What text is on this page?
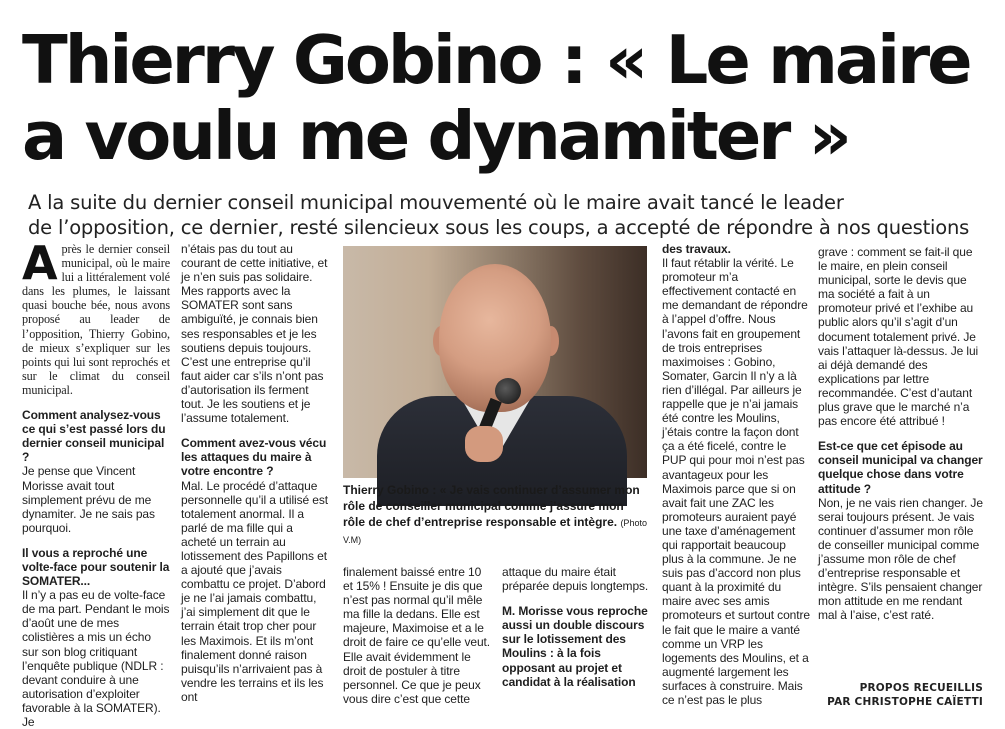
Thierry Gobino : « Le maire
a voulu me dynamiter »
A la suite du dernier conseil municipal mouvementé où le maire avait tancé le leader
de l’opposition, ce dernier, resté silencieux sous les coups, a accepté de répondre à nos questions

Après le dernier conseil municipal, où le maire lui a littéralement volé dans les plumes, le laissant quasi bouche bée, nous avons proposé au leader de l’opposition, Thierry Gobino, de mieux s’expliquer sur les points qui lui sont reprochés et sur le climat du conseil municipal.

Comment analysez-vous ce qui s’est passé lors du dernier conseil municipal ?

Je pense que Vincent Morisse avait tout simplement prévu de me dynamiter. Je ne sais pas pourquoi.

Il vous a reproché une volte-face pour soutenir la SOMATER...

Il n’y a pas eu de volte-face de ma part. Pendant le mois d’août une de mes colistières a mis un écho sur son blog critiquant l’enquête publique (NDLR : devant conduire à une autorisation d’exploiter favorable à la SOMATER). Je

n’étais pas du tout au courant de cette initiative, et je n’en suis pas solidaire. Mes rapports avec la SOMATER sont sans ambiguïté, je connais bien ses responsables et je les soutiens depuis toujours. C’est une entreprise qu’il faut aider car s’ils n’ont pas d’autorisation ils ferment tout. Je les soutiens et je l’assume totalement.

Comment avez-vous vécu les attaques du maire à votre encontre ?

Mal. Le procédé d’attaque personnelle qu’il a utilisé est totalement anormal. Il a parlé de ma fille qui a acheté un terrain au lotissement des Papillons et a ajouté que j’avais combattu ce projet. D’abord je ne l’ai jamais combattu, j’ai simplement dit que le terrain était trop cher pour les Maximois. Et ils m’ont finalement donné raison puisqu’ils n’arrivaient pas à vendre les terrains et ils les ont

Thierry Gobino : « Je vais continuer d’assumer mon rôle de conseiller municipal comme j’assure mon rôle de chef d’entreprise responsable et intègre. (Photo V.M)

finalement baissé entre 10 et 15% ! Ensuite je dis que n’est pas normal qu’il mêle ma fille la dedans. Elle est majeure, Maximoise et a le droit de faire ce qu’elle veut. Elle avait évidemment le droit de postuler à titre personnel. Ce que je peux vous dire c’est que cette

attaque du maire était préparée depuis longtemps.

M. Morisse vous reproche aussi un double discours sur le lotissement des Moulins : à la fois opposant au projet et candidat à la réalisation

des travaux.

Il faut rétablir la vérité. Le promoteur m’a effectivement contacté en me demandant de répondre à l’appel d’offre. Nous l’avons fait en groupement de trois entreprises maximoises : Gobino, Somater, Garcin Il n’y a là rien d’illégal. Par ailleurs je rappelle que je n’ai jamais été contre les Moulins, j’étais contre la façon dont ça a été ficelé, contre le PUP qui pour moi n’est pas avantageux pour les Maximois parce que si on avait fait une ZAC les promoteurs auraient payé une taxe d’aménagement qui rapportait beaucoup plus à la commune. Je ne suis pas d’accord non plus quant à la proximité du maire avec ses amis promoteurs et surtout contre le fait que le maire a vanté comme un VRP les logements des Moulins, et a augmenté largement les surfaces à construire. Mais ce n’est pas le plus

grave : comment se fait-il que le maire, en plein conseil municipal, sorte le devis que ma société a fait à un promoteur privé et l’exhibe au public alors qu’il s’agit d’un document totalement privé. Je vais l’attaquer là-dessus. Je lui ai déjà demandé des explications par lettre recommandée. C’est d’autant plus grave que le marché n’a pas encore été attribué !

Est-ce que cet épisode au conseil municipal va changer quelque chose dans votre attitude ?

Non, je ne vais rien changer. Je serai toujours présent. Je vais continuer d’assumer mon rôle de conseiller municipal comme j’assume mon rôle de chef d’entreprise responsable et intègre. S’ils pensaient changer mon attitude en me rendant mal à l’aise, c’est raté.

PROPOS RECUEILLIS
PAR CHRISTOPHE CAÏETTI
